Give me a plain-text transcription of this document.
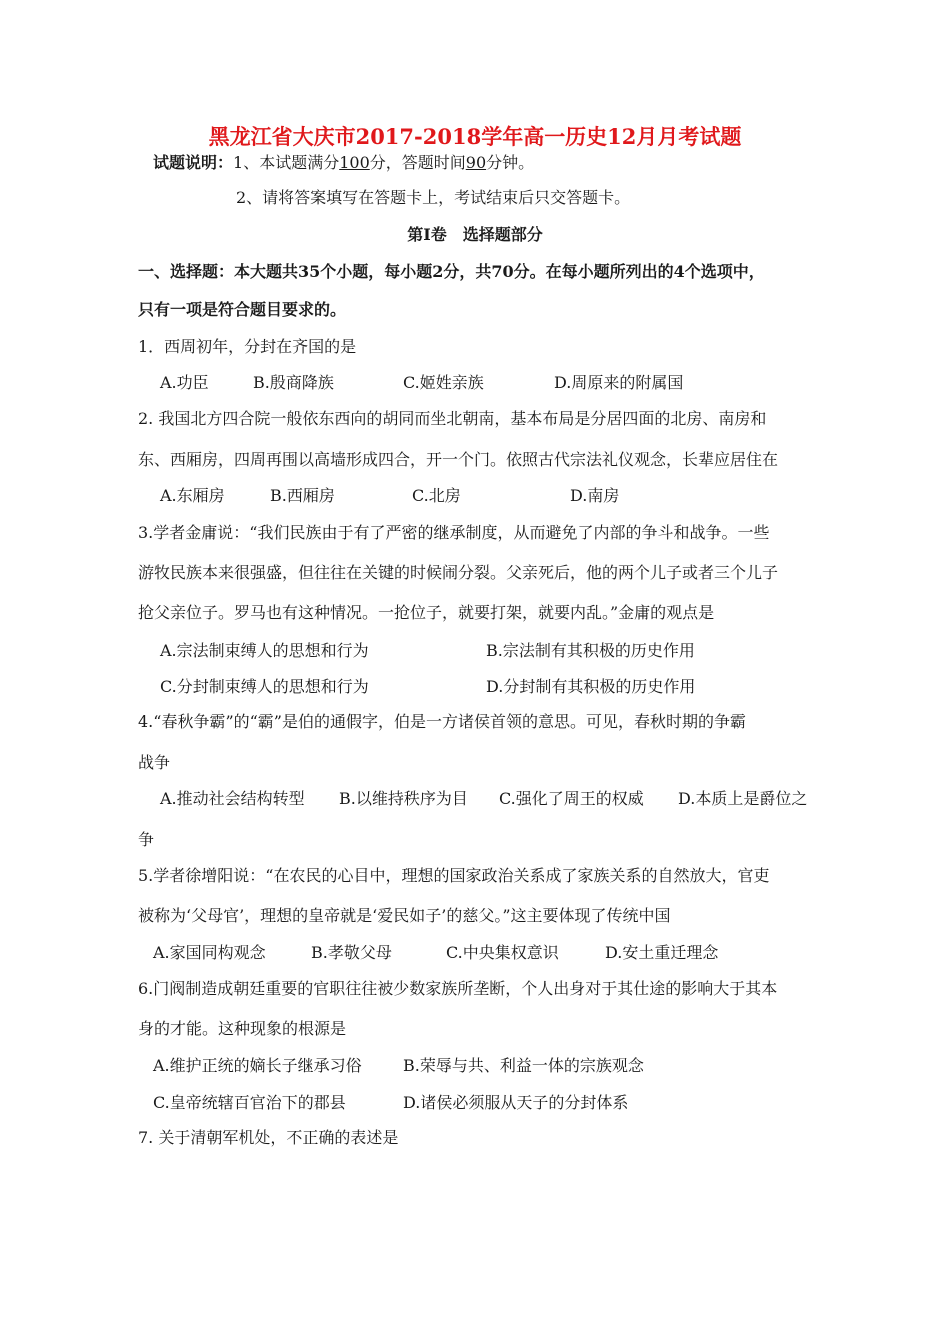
黑龙江省大庆市2017-2018学年高一历史12月月考试题
试题说明：1、本试题满分100分，答题时间90分钟。
2、请将答案填写在答题卡上，考试结束后只交答题卡。
第Ⅰ卷　选择题部分
一、选择题：本大题共35个小题，每小题2分，共70分。在每小题所列出的4个选项中，
只有一项是符合题目要求的。
1．西周初年，分封在齐国的是
A.功臣	B.殷商降族	C.姬姓亲族	D.周原来的附属国
2. 我国北方四合院一般依东西向的胡同而坐北朝南，基本布局是分居四面的北房、南房和
东、西厢房，四周再围以高墙形成四合，开一个门。依照古代宗法礼仪观念，长辈应居住在
A.东厢房	B.西厢房	C.北房	D.南房
3.学者金庸说：“我们民族由于有了严密的继承制度，从而避免了内部的争斗和战争。一些
游牧民族本来很强盛，但往往在关键的时候闹分裂。父亲死后，他的两个儿子或者三个儿子
抢父亲位子。罗马也有这种情况。一抢位子，就要打架，就要内乱。”金庸的观点是
A.宗法制束缚人的思想和行为	B.宗法制有其积极的历史作用
C.分封制束缚人的思想和行为	D.分封制有其积极的历史作用
4.“春秋争霸”的“霸”是伯的通假字，伯是一方诸侯首领的意思。可见，春秋时期的争霸
战争
A.推动社会结构转型 B.以维持秩序为目 C.强化了周王的权威 D.本质上是爵位之
争
5.学者徐增阳说：“在农民的心目中，理想的国家政治关系成了家族关系的自然放大，官吏
被称为‘父母官’，理想的皇帝就是‘爱民如子’的慈父。”这主要体现了传统中国
A.家国同构观念	B.孝敬父母	C.中央集权意识	D.安土重迁理念
6.门阀制造成朝廷重要的官职往往被少数家族所垄断，个人出身对于其仕途的影响大于其本
身的才能。这种现象的根源是
A.维护正统的嫡长子继承习俗	B.荣辱与共、利益一体的宗族观念
C.皇帝统辖百官治下的郡县	D.诸侯必须服从天子的分封体系
7. 关于清朝军机处，不正确的表述是
